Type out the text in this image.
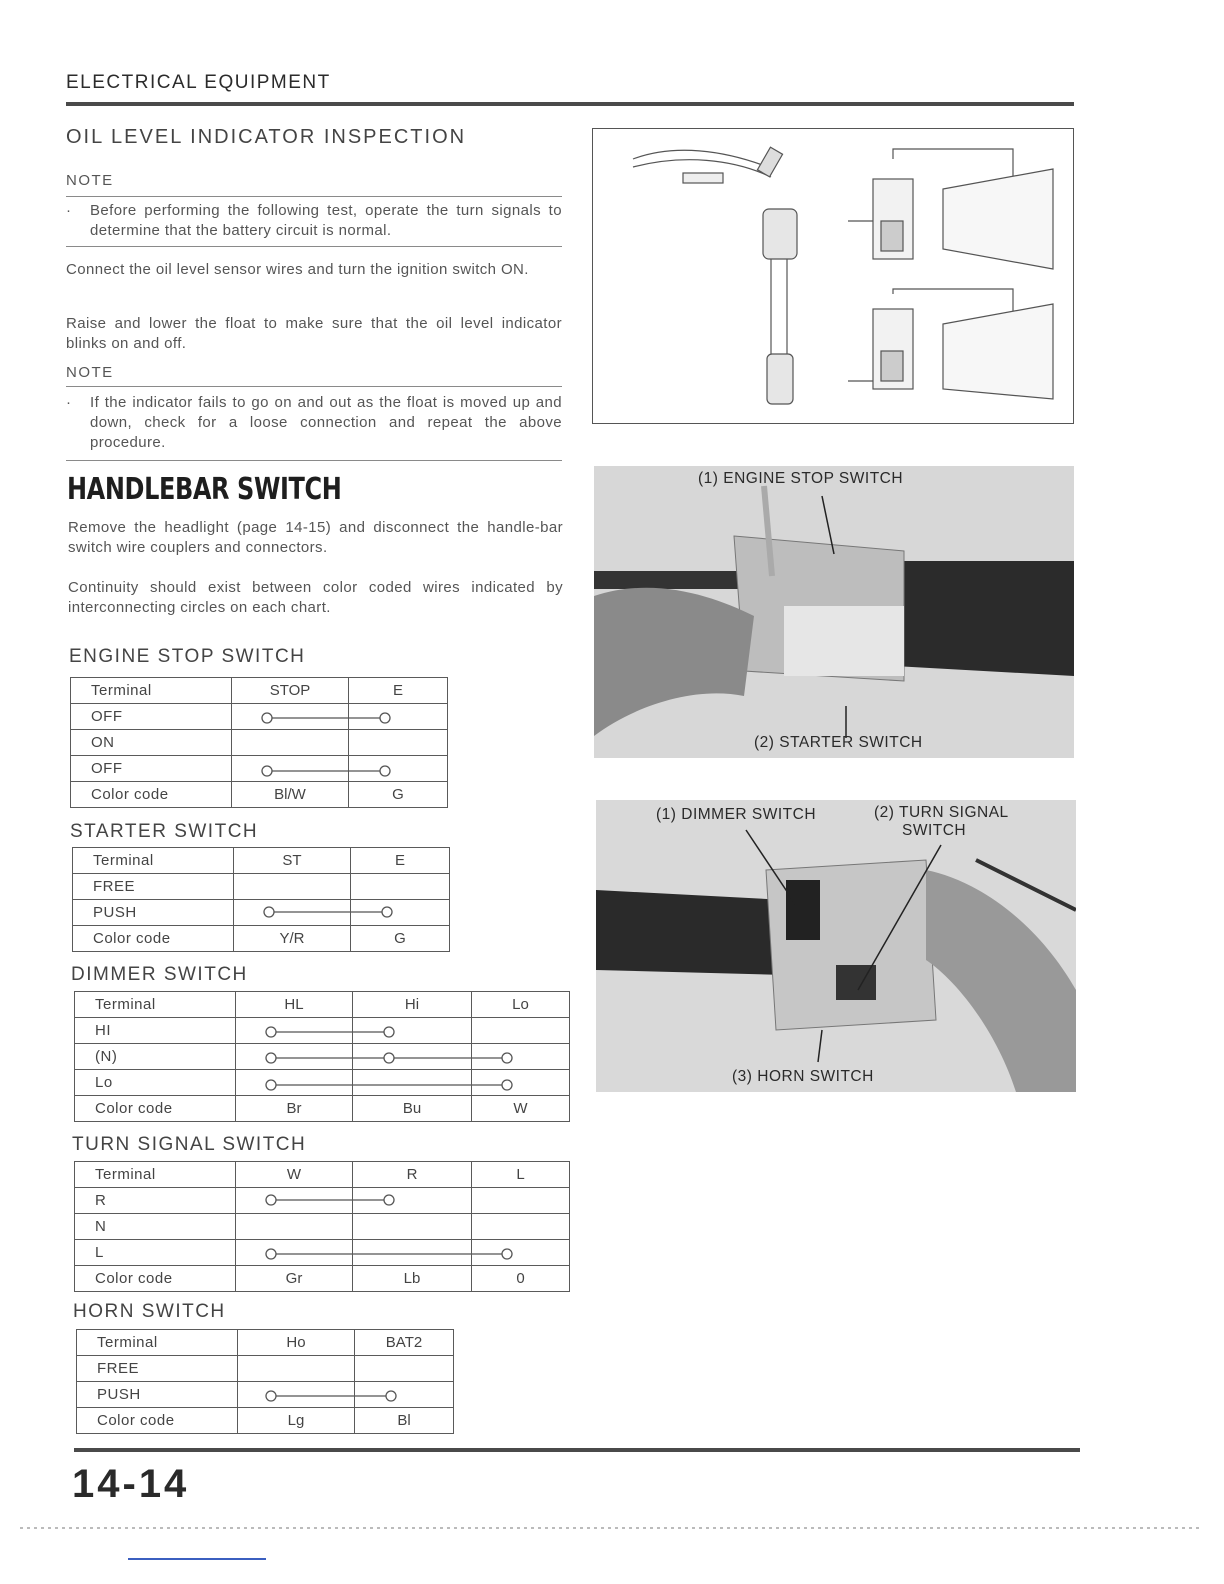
ELECTRICAL EQUIPMENT
OIL LEVEL INDICATOR INSPECTION
NOTE
· Before performing the following test, operate the turn signals to determine that the battery circuit is normal.
Connect the oil level sensor wires and turn the ignition switch ON.
Raise and lower the float to make sure that the oil level indicator blinks on and off.
NOTE
· If the indicator fails to go on and out as the float is moved up and down, check for a loose connection and repeat the above procedure.
HANDLEBAR SWITCH
Remove the headlight (page 14-15) and disconnect the handle-bar switch wire couplers and connectors.
Continuity should exist between color coded wires indicated by interconnecting circles on each chart.
ENGINE STOP SWITCH
Terminal	STOP	E
OFF		
ON		
OFF		
Color code	Bl/W	G
STARTER SWITCH
Terminal	ST	E
FREE		
PUSH		
Color code	Y/R	G
DIMMER SWITCH
Terminal	HL	Hi	Lo
HI			
(N)			
Lo			
Color code	Br	Bu	W
TURN SIGNAL SWITCH
Terminal	W	R	L
R			
N			
L			
Color code	Gr	Lb	0
HORN SWITCH
Terminal	Ho	BAT2
FREE		
PUSH		
Color code	Lg	Bl
(1) ENGINE STOP SWITCH
(2) STARTER SWITCH
(1) DIMMER SWITCH	(2) TURN SIGNAL
SWITCH
(3) HORN SWITCH
14-14
